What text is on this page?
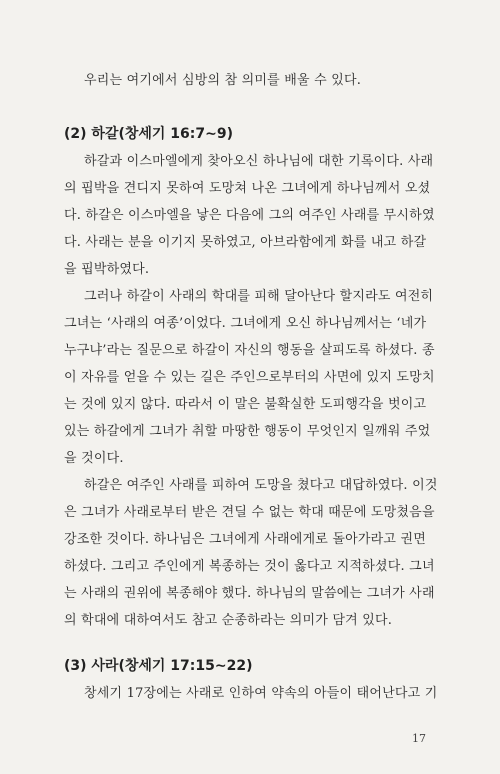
우리는 여기에서 심방의 참 의미를 배울 수 있다.
(2) 하갈(창세기 16:7∼9)
하갈과 이스마엘에게 찾아오신 하나님에 대한 기록이다. 사래
의 핍박을 견디지 못하여 도망쳐 나온 그녀에게 하나님께서 오셨
다. 하갈은 이스마엘을 낳은 다음에 그의 여주인 사래를 무시하였
다. 사래는 분을 이기지 못하였고, 아브라함에게 화를 내고 하갈
을 핍박하였다.
그러나 하갈이 사래의 학대를 피해 달아난다 할지라도 여전히
그녀는 ‘사래의 여종’이었다. 그녀에게 오신 하나님께서는 ‘네가
누구냐’라는 질문으로 하갈이 자신의 행동을 살피도록 하셨다. 종
이 자유를 얻을 수 있는 길은 주인으로부터의 사면에 있지 도망치
는 것에 있지 않다. 따라서 이 말은 불확실한 도피행각을 벗이고
있는 하갈에게 그녀가 취할 마땅한 행동이 무엇인지 일깨워 주었
을 것이다.
하갈은 여주인 사래를 피하여 도망을 쳤다고 대답하였다. 이것
은 그녀가 사래로부터 받은 견딜 수 없는 학대 때문에 도망쳤음을
강조한 것이다. 하나님은 그녀에게 사래에게로 돌아가라고 권면
하셨다. 그리고 주인에게 복종하는 것이 옳다고 지적하셨다. 그녀
는 사래의 권위에 복종해야 했다. 하나님의 말씀에는 그녀가 사래
의 학대에 대하여서도 참고 순종하라는 의미가 담겨 있다.
(3) 사라(창세기 17:15∼22)
창세기 17장에는 사래로 인하여 약속의 아들이 태어난다고 기
17
